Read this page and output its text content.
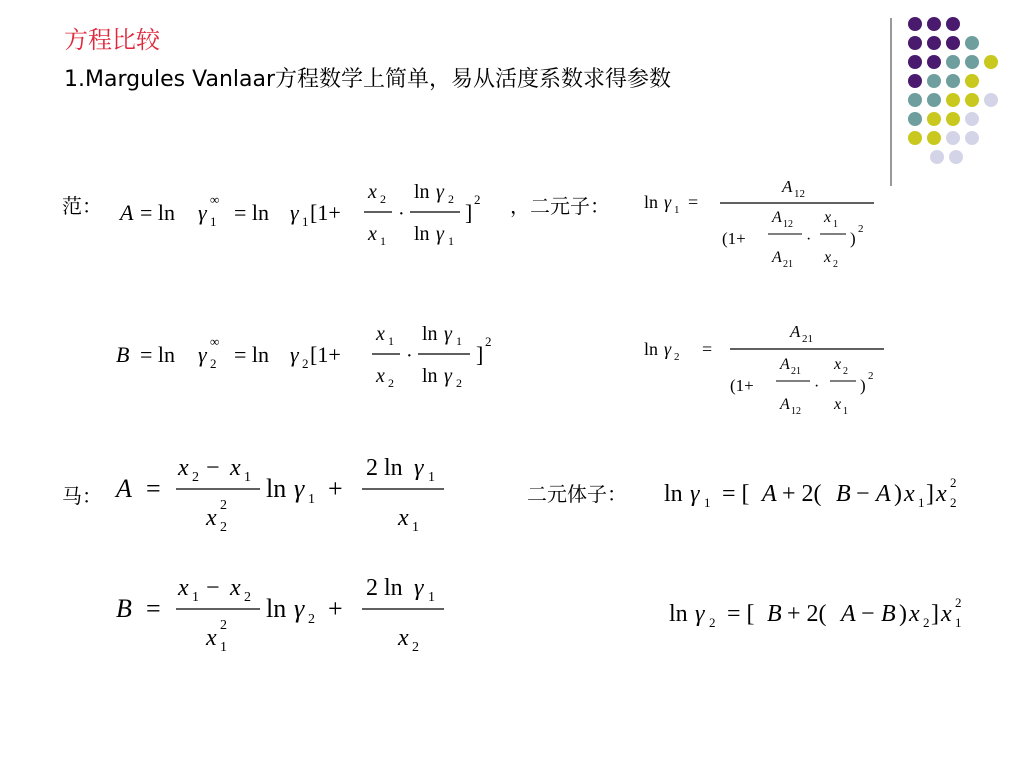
方程比较
1.Margules Vanlaar方程数学上简单，易从活度系数求得参数
范：	，二元子：
马：	二元体子：
A = ln γ 1
∞
= ln γ 1 [1+
x 2
x 1
·
ln γ 2
ln γ 1
]
2	ln γ 1 =
A 12
(1+
A 12
A 21
·
x 1
x 2
) 2
B = ln γ 2
∞
= ln γ 2 [1+
x 1
x 2
·
ln γ 1
ln γ 2
]
2	ln γ 2 =
A 21
(1+
A 21
A 12
·
x 2
x 1
) 2
A =
x 2 − x 1
x 2
2
ln γ 1 +
2 ln γ 1
x 1
ln γ 1 = [ A + 2( B − A ) x 1 ] x 2
2
B =
x 1 − x 2
x 1
2
ln γ 2 +
2 ln γ 1
x 2
ln γ 2 = [ B + 2( A − B ) x 2 ] x 1
2
